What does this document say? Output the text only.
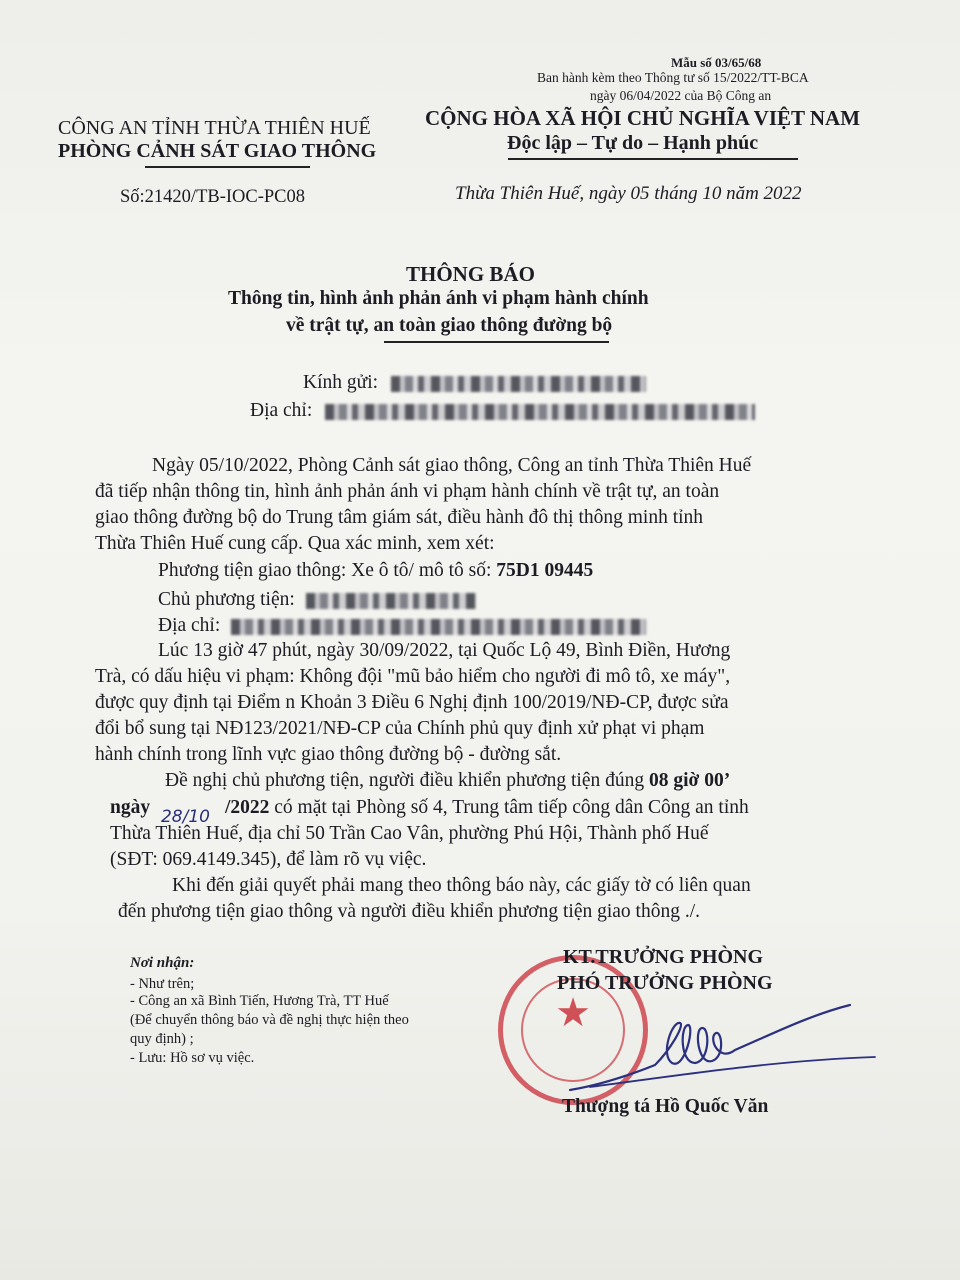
Mẫu số 03/65/68
Ban hành kèm theo Thông tư số 15/2022/TT-BCA
ngày 06/04/2022 của Bộ Công an
CÔNG AN TỈNH THỪA THIÊN HUẾ
PHÒNG CẢNH SÁT GIAO THÔNG
Số:21420/TB-IOC-PC08
CỘNG HÒA XÃ HỘI CHỦ NGHĨA VIỆT NAM
Độc lập – Tự do – Hạnh phúc
Thừa Thiên Huế, ngày 05 tháng 10 năm 2022
THÔNG BÁO
Thông tin, hình ảnh phản ánh vi phạm hành chính
về trật tự, an toàn giao thông đường bộ
Kính gửi:
Địa chỉ:
Ngày 05/10/2022, Phòng Cảnh sát giao thông, Công an tỉnh Thừa Thiên Huế
đã tiếp nhận thông tin, hình ảnh phản ánh vi phạm hành chính về trật tự, an toàn
giao thông đường bộ do Trung tâm giám sát, điều hành đô thị thông minh tỉnh
Thừa Thiên Huế cung cấp. Qua xác minh, xem xét:
Phương tiện giao thông: Xe ô tô/ mô tô số: 75D1 09445
Chủ phương tiện:
Địa chỉ:
Lúc 13 giờ 47 phút, ngày 30/09/2022, tại Quốc Lộ 49, Bình Điền, Hương
Trà, có dấu hiệu vi phạm: Không đội "mũ bảo hiểm cho người đi mô tô, xe máy",
được quy định tại Điểm n Khoản 3 Điều 6 Nghị định 100/2019/NĐ-CP, được sửa
đổi bổ sung tại NĐ123/2021/NĐ-CP của Chính phủ quy định xử phạt vi phạm
hành chính trong lĩnh vực giao thông đường bộ - đường sắt.
Đề nghị chủ phương tiện, người điều khiển phương tiện đúng 08 giờ 00’
ngày 28/10 /2022 có mặt tại Phòng số 4, Trung tâm tiếp công dân Công an tỉnh
Thừa Thiên Huế, địa chỉ 50 Trần Cao Vân, phường Phú Hội, Thành phố Huế
(SĐT: 069.4149.345), để làm rõ vụ việc.
Khi đến giải quyết phải mang theo thông báo này, các giấy tờ có liên quan
đến phương tiện giao thông và người điều khiển phương tiện giao thông ./.
Nơi nhận:
- Như trên;
- Công an xã Bình Tiến, Hương Trà, TT Huế
(Để chuyển thông báo và đề nghị thực hiện theo
quy định) ;
- Lưu: Hồ sơ vụ việc.
★
KT.TRƯỞNG PHÒNG
PHÓ TRƯỞNG PHÒNG
Thượng tá Hồ Quốc Văn
